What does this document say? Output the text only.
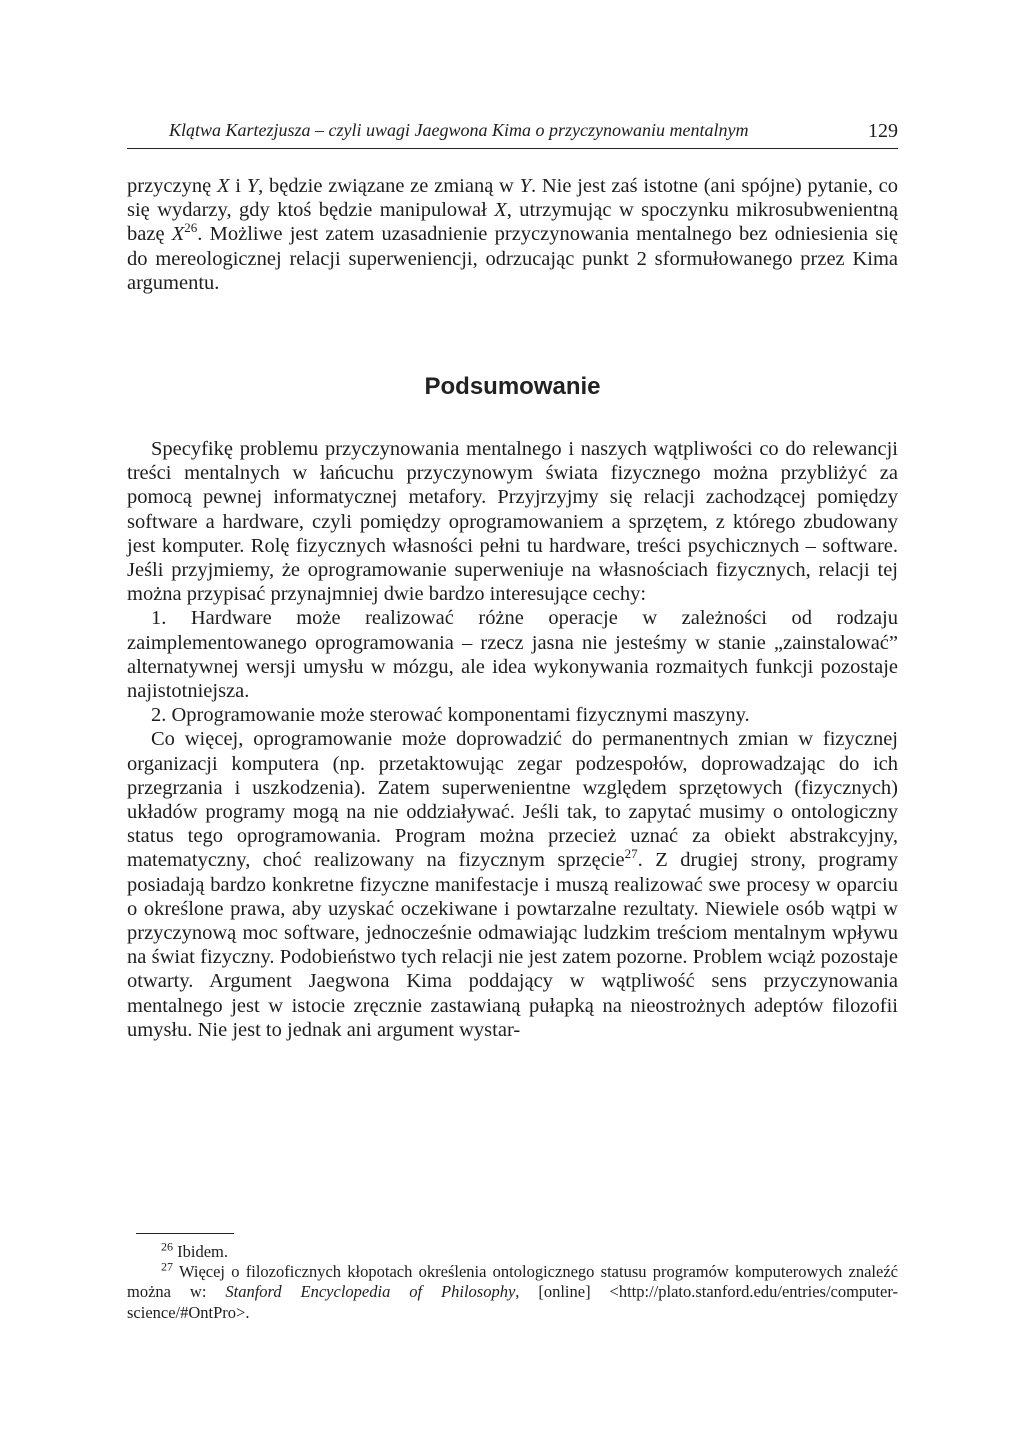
Klątwa Kartezjusza – czyli uwagi Jaegwona Kima o przyczynowaniu mentalnym	129

przyczynę X i Y, będzie związane ze zmianą w Y. Nie jest zaś istotne (ani spójne) pytanie, co się wydarzy, gdy ktoś będzie manipulował X, utrzymując w spoczynku mikrosubwenientną bazę $X^{26}$. Możliwe jest zatem uzasadnienie przyczynowania mentalnego bez odniesienia się do mereologicznej relacji superweniencji, odrzucając punkt 2 sformułowanego przez Kima argumentu.

Podsumowanie

Specyfikę problemu przyczynowania mentalnego i naszych wątpliwości co do relewancji treści mentalnych w łańcuchu przyczynowym świata fizycznego można przybliżyć za pomocą pewnej informatycznej metafory. Przyjrzyjmy się relacji zachodzącej pomiędzy software a hardware, czyli pomiędzy oprogramowaniem a sprzętem, z którego zbudowany jest komputer. Rolę fizycznych własności pełni tu hardware, treści psychicznych – software. Jeśli przyjmiemy, że oprogramowanie superweniuje na własnościach fizycznych, relacji tej można przypisać przynajmniej dwie bardzo interesujące cechy:

1. Hardware może realizować różne operacje w zależności od rodzaju zaimplementowanego oprogramowania – rzecz jasna nie jesteśmy w stanie „zainstalować” alternatywnej wersji umysłu w mózgu, ale idea wykonywania rozmaitych funkcji pozostaje najistotniejsza.

2. Oprogramowanie może sterować komponentami fizycznymi maszyny.

Co więcej, oprogramowanie może doprowadzić do permanentnych zmian w fizycznej organizacji komputera (np. przetaktowując zegar podzespołów, doprowadzając do ich przegrzania i uszkodzenia). Zatem superwenientne względem sprzętowych (fizycznych) układów programy mogą na nie oddziaływać. Jeśli tak, to zapytać musimy o ontologiczny status tego oprogramowania. Program można przecież uznać za obiekt abstrakcyjny, matematyczny, choć realizowany na fizycznym sprzęcie$^{27}$. Z drugiej strony, programy posiadają bardzo konkretne fizyczne manifestacje i muszą realizować swe procesy w oparciu o określone prawa, aby uzyskać oczekiwane i powtarzalne rezultaty. Niewiele osób wątpi w przyczynową moc software, jednocześnie odmawiając ludzkim treściom mentalnym wpływu na świat fizyczny. Podobieństwo tych relacji nie jest zatem pozorne. Problem wciąż pozostaje otwarty. Argument Jaegwona Kima poddający w wątpliwość sens przyczynowania mentalnego jest w istocie zręcznie zastawianą pułapką na nieostrożnych adeptów filozofii umysłu. Nie jest to jednak ani argument wystar-

$^{26}$ Ibidem.

$^{27}$ Więcej o filozoficznych kłopotach określenia ontologicznego statusu programów komputerowych znaleźć można w: Stanford Encyclopedia of Philosophy, [online] <http://plato.stanford.edu/entries/computer-science/#OntPro>.
